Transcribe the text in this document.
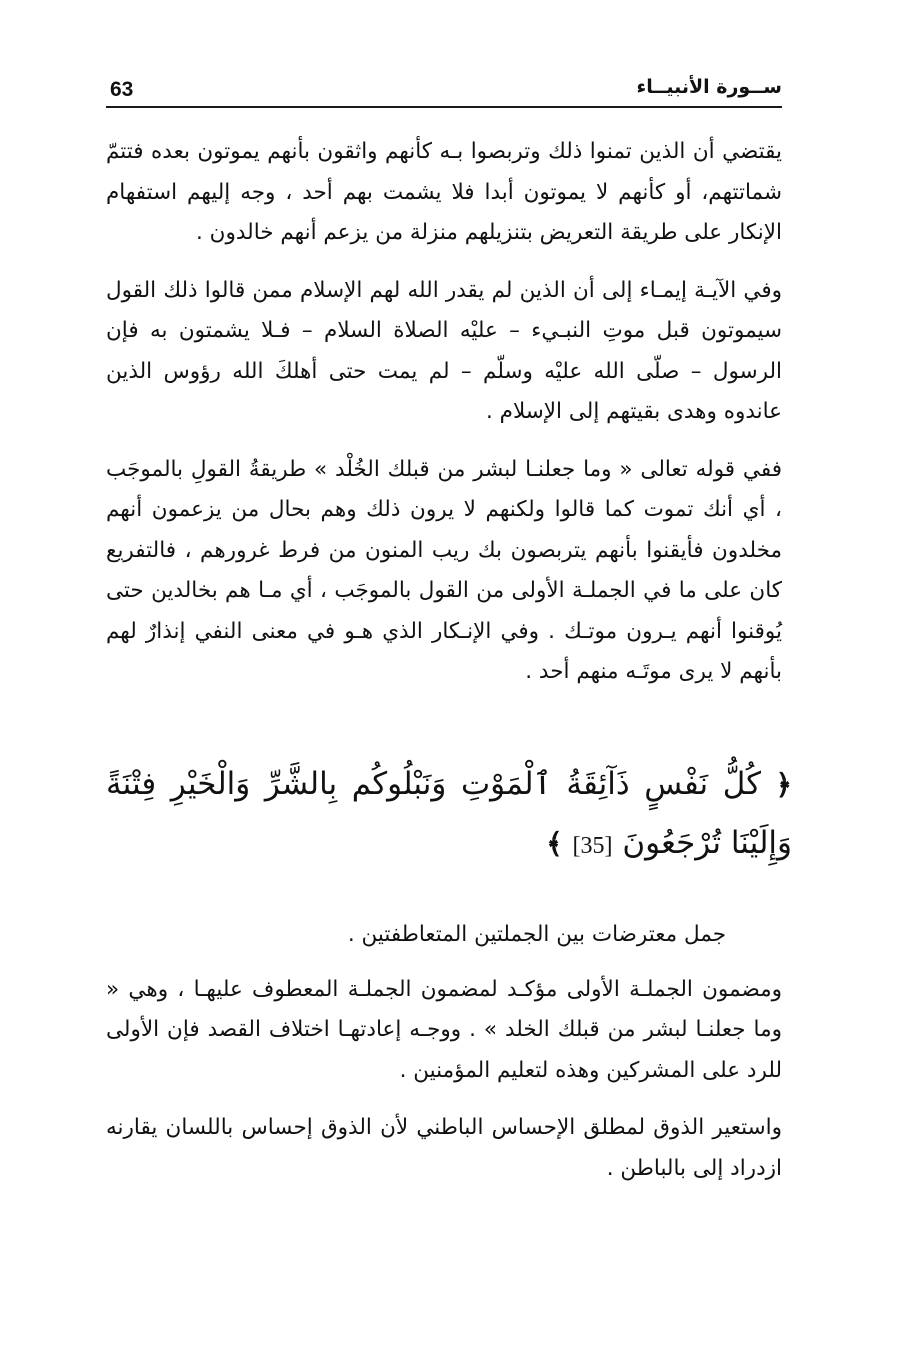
63	ســورة الأنبيــاء

يقتضي أن الذين تمنوا ذلك وتربصوا بـه كأنهم واثقون بأنهم يموتون بعده فتتمّ شماتتهم، أو كأنهم لا يموتون أبدا فلا يشمت بهم أحد ، وجه إليهم استفهام الإنكار على طريقة التعريض بتنزيلهم منزلة من يزعم أنهم خالدون .

وفي الآيـة إيمـاء إلى أن الذين لم يقدر الله لهم الإسلام ممن قالوا ذلك القول سيموتون قبل موتِ النبـيء – عليْه الصلاة السلام – فـلا يشمتون به فإن الرسول – صلّى الله عليْه وسلّم – لم يمت حتى أهلكَ الله رؤوس الذين عاندوه وهدى بقيتهم إلى الإسلام .

ففي قوله تعالى « وما جعلنـا لبشر من قبلك الخُلْد » طريقةُ القولِ بالموجَب ، أي أنك تموت كما قالوا ولكنهم لا يرون ذلك وهم بحال من يزعمون أنهم مخلدون فأيقنوا بأنهم يتربصون بك ريب المنون من فرط غرورهم ، فالتفريع كان على ما في الجملـة الأولى من القول بالموجَب ، أي مـا هم بخالدين حتى يُوقنوا أنهم يـرون موتـك . وفي الإنـكار الذي هـو في معنى النفي إنذارٌ لهم بأنهم لا يرى موتَـه منهم أحد .

﴿ كُلُّ نَفْسٍ ذَآئِقَةُ ٱلْمَوْتِ وَنَبْلُوكُم بِالشَّرِّ وَالْخَيْرِ فِتْنَةً وَإِلَيْنَا تُرْجَعُونَ [35] ﴾

جمل معترضات بين الجملتين المتعاطفتين .

ومضمون الجملـة الأولى مؤكـد لمضمون الجملـة المعطوف عليهـا ، وهي « وما جعلنـا لبشر من قبلك الخلد » . ووجـه إعادتهـا اختلاف القصد فإن الأولى للرد على المشركين وهذه لتعليم المؤمنين .

واستعير الذوق لمطلق الإحساس الباطني لأن الذوق إحساس باللسان يقارنه ازدراد إلى بالباطن .
